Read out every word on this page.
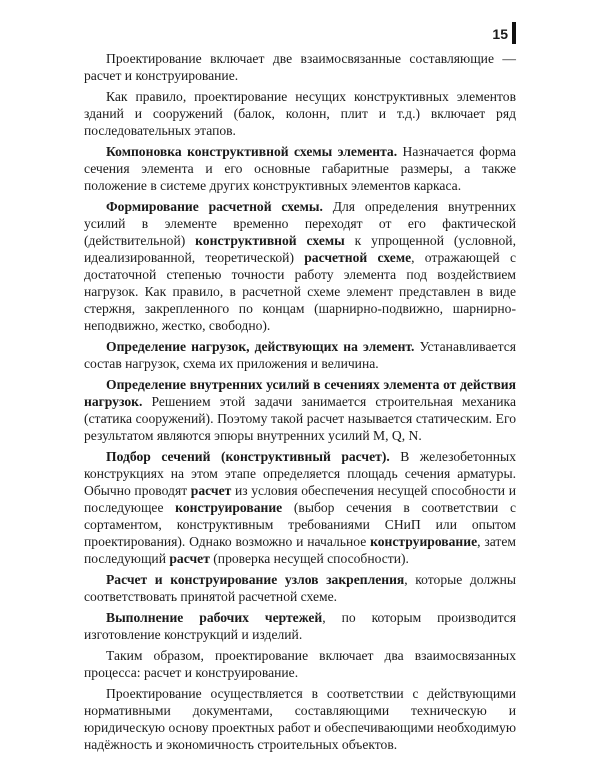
15

Проектирование включает две взаимосвязанные составляющие — расчет и конструирование.

Как правило, проектирование несущих конструктивных элементов зданий и сооружений (балок, колонн, плит и т.д.) включает ряд последовательных этапов.

Компоновка конструктивной схемы элемента. Назначается форма сечения элемента и его основные габаритные размеры, а также положение в системе других конструктивных элементов каркаса.

Формирование расчетной схемы. Для определения внутренних усилий в элементе временно переходят от его фактической (действительной) конструктивной схемы к упрощенной (условной, идеализированной, теоретической) расчетной схеме, отражающей с достаточной степенью точности работу элемента под воздействием нагрузок. Как правило, в расчетной схеме элемент представлен в виде стержня, закрепленного по концам (шарнирно-подвижно, шарнирно-неподвижно, жестко, свободно).

Определение нагрузок, действующих на элемент. Устанавливается состав нагрузок, схема их приложения и величина.

Определение внутренних усилий в сечениях элемента от действия нагрузок. Решением этой задачи занимается строительная механика (статика сооружений). Поэтому такой расчет называется статическим. Его результатом являются эпюры внутренних усилий M, Q, N.

Подбор сечений (конструктивный расчет). В железобетонных конструкциях на этом этапе определяется площадь сечения арматуры. Обычно проводят расчет из условия обеспечения несущей способности и последующее конструирование (выбор сечения в соответствии с сортаментом, конструктивным требованиями СНиП или опытом проектирования). Однако возможно и начальное конструирование, затем последующий расчет (проверка несущей способности).

Расчет и конструирование узлов закрепления, которые должны соответствовать принятой расчетной схеме.

Выполнение рабочих чертежей, по которым производится изготовление конструкций и изделий.

Таким образом, проектирование включает два взаимосвязанных процесса: расчет и конструирование.

Проектирование осуществляется в соответствии с действующими нормативными документами, составляющими техническую и юридическую основу проектных работ и обеспечивающими необходимую надёжность и экономичность строительных объектов.
